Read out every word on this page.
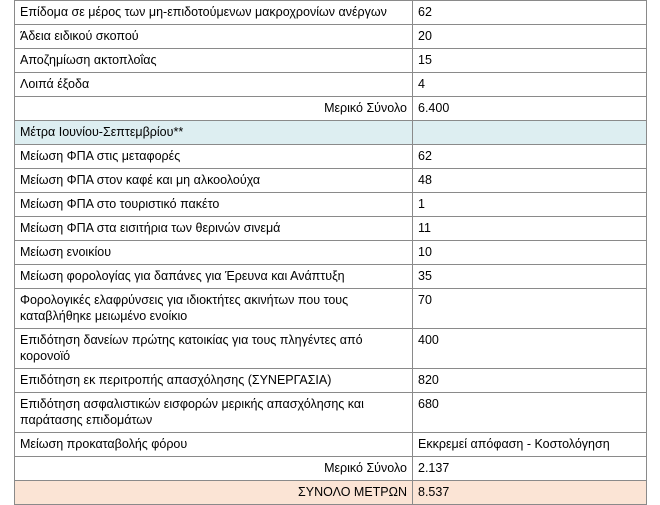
Επίδομα σε μέρος των μη-επιδοτούμενων μακροχρονίων ανέργων	62

Άδεια ειδικού σκοπού	20

Αποζημίωση ακτοπλοΐας	15

Λοιπά έξοδα	4

Μερικό Σύνολο	6.400

Μέτρα Ιουνίου-Σεπτεμβρίου**	

Μείωση ΦΠΑ στις μεταφορές	62

Μείωση ΦΠΑ στον καφέ και μη αλκοολούχα	48

Μείωση ΦΠΑ στο τουριστικό πακέτο	1

Μείωση ΦΠΑ στα εισιτήρια των θερινών σινεμά	11

Μείωση ενοικίου	10

Μείωση φορολογίας για δαπάνες για Έρευνα και Ανάπτυξη	35

Φορολογικές ελαφρύνσεις για ιδιοκτήτες ακινήτων που τους καταβλήθηκε μειωμένο ενοίκιο	70

Επιδότηση δανείων πρώτης κατοικίας για τους πληγέντες από κορονοϊό	400

Επιδότηση εκ περιτροπής απασχόλησης (ΣΥΝΕΡΓΑΣΙΑ)	820

Επιδότηση ασφαλιστικών εισφορών μερικής απασχόλησης και παράτασης επιδομάτων	680

Μείωση προκαταβολής φόρου	Εκκρεμεί απόφαση - Κοστολόγηση

Μερικό Σύνολο	2.137

ΣΥΝΟΛΟ ΜΕΤΡΩΝ	8.537
